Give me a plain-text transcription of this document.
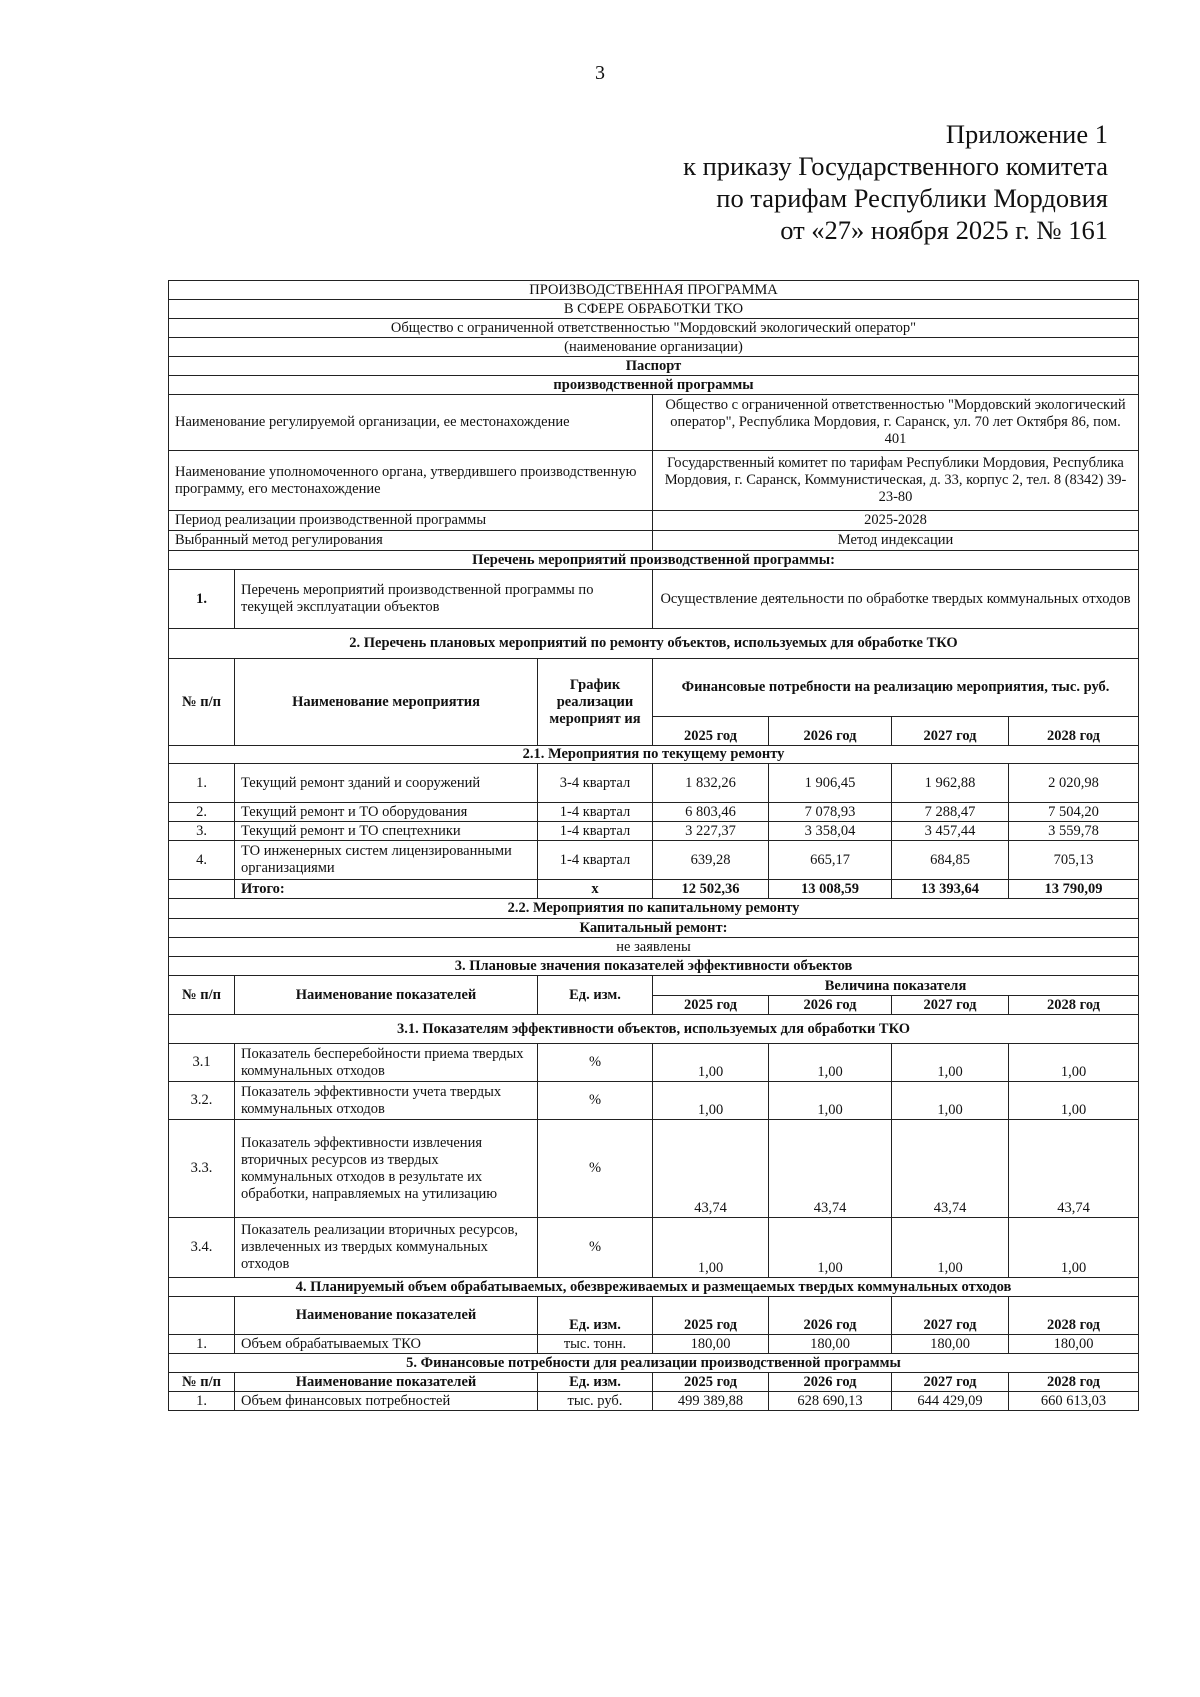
3
Приложение 1
к приказу Государственного комитета
по тарифам Республики Мордовия
от «27» ноября 2025 г. № 161
ПРОИЗВОДСТВЕННАЯ ПРОГРАММА						
В СФЕРЕ ОБРАБОТКИ ТКО						
Общество с ограниченной ответственностью "Мордовский экологический оператор"						
(наименование организации)						
Паспорт						
производственной программы						
Наименование регулируемой организации, ее местонахождение			Общество с ограниченной ответственностью "Мордовский экологический оператор", Республика Мордовия, г. Саранск, ул. 70 лет Октября 86, пом. 401			
Наименование уполномоченного органа, утвердившего производственную программу, его местонахождение			Государственный комитет по тарифам Республики Мордовия, Республика Мордовия, г. Саранск, Коммунистическая, д. 33, корпус 2, тел. 8 (8342) 39-23-80			
Период реализации производственной программы			2025-2028			
Выбранный метод регулирования			Метод индексации			
Перечень мероприятий производственной программы:						
1.	Перечень мероприятий производственной программы по текущей эксплуатации объектов		Осуществление деятельности по обработке твердых коммунальных отходов			
2. Перечень плановых мероприятий по ремонту объектов, используемых для обработке ТКО						
№ п/п	Наименование мероприятия	График реализации мероприят ия	Финансовые потребности на реализацию мероприятия, тыс. руб.			
			2025 год	2026 год	2027 год	2028 год
2.1. Мероприятия по текущему ремонту						
1.	Текущий ремонт зданий и сооружений	3-4 квартал	1 832,26	1 906,45	1 962,88	2 020,98
2.	Текущий ремонт и ТО оборудования	1-4 квартал	6 803,46	7 078,93	7 288,47	7 504,20
3.	Текущий ремонт и ТО спецтехники	1-4 квартал	3 227,37	3 358,04	3 457,44	3 559,78
4.	ТО инженерных систем лицензированными организациями	1-4 квартал	639,28	665,17	684,85	705,13
	Итого:	x	12 502,36	13 008,59	13 393,64	13 790,09
2.2. Мероприятия по капитальному ремонту						
Капитальный ремонт:						
не заявлены						
3. Плановые значения показателей эффективности объектов						
№ п/п	Наименование показателей	Ед. изм.	Величина показателя			
			2025 год	2026 год	2027 год	2028 год
3.1. Показателям эффективности объектов, используемых для обработки ТКО						
3.1	Показатель бесперебойности приема твердых коммунальных отходов	%	1,00	1,00	1,00	1,00
3.2.	Показатель эффективности учета твердых коммунальных отходов	%	1,00	1,00	1,00	1,00
3.3.	Показатель эффективности извлечения вторичных ресурсов из твердых коммунальных отходов в результате их обработки, направляемых на утилизацию	%	43,74	43,74	43,74	43,74
3.4.	Показатель реализации вторичных ресурсов, извлеченных из твердых коммунальных отходов	%	1,00	1,00	1,00	1,00
4. Планируемый объем обрабатываемых, обезвреживаемых и размещаемых твердых коммунальных отходов						
	Наименование показателей	Ед. изм.	2025 год	2026 год	2027 год	2028 год
1.	Объем обрабатываемых ТКО	тыс. тонн.	180,00	180,00	180,00	180,00
5. Финансовые потребности для реализации производственной программы						
№ п/п	Наименование показателей	Ед. изм.	2025 год	2026 год	2027 год	2028 год
1.	Объем финансовых потребностей	тыс. руб.	499 389,88	628 690,13	644 429,09	660 613,03
